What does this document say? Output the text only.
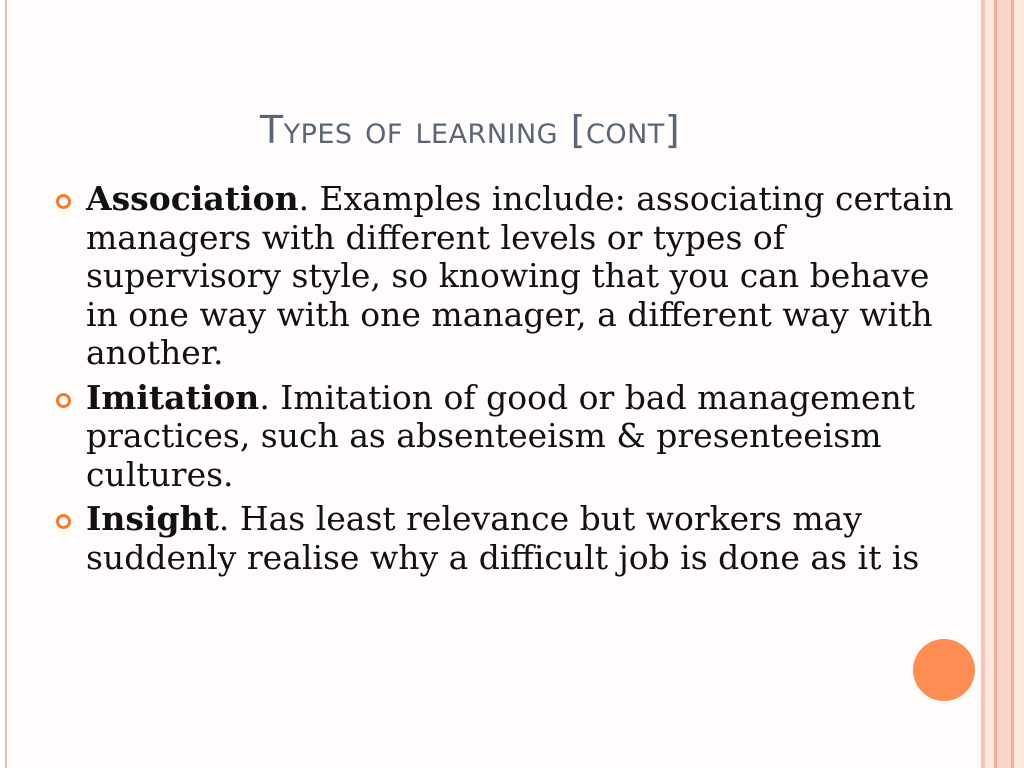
Types of learning [cont]
Association. Examples include: associating certain managers with different levels or types of supervisory style, so knowing that you can behave in one way with one manager, a different way with another.
Imitation. Imitation of good or bad management practices, such as absenteeism & presenteeism cultures.
Insight. Has least relevance but workers may suddenly realise why a difficult job is done as it is
